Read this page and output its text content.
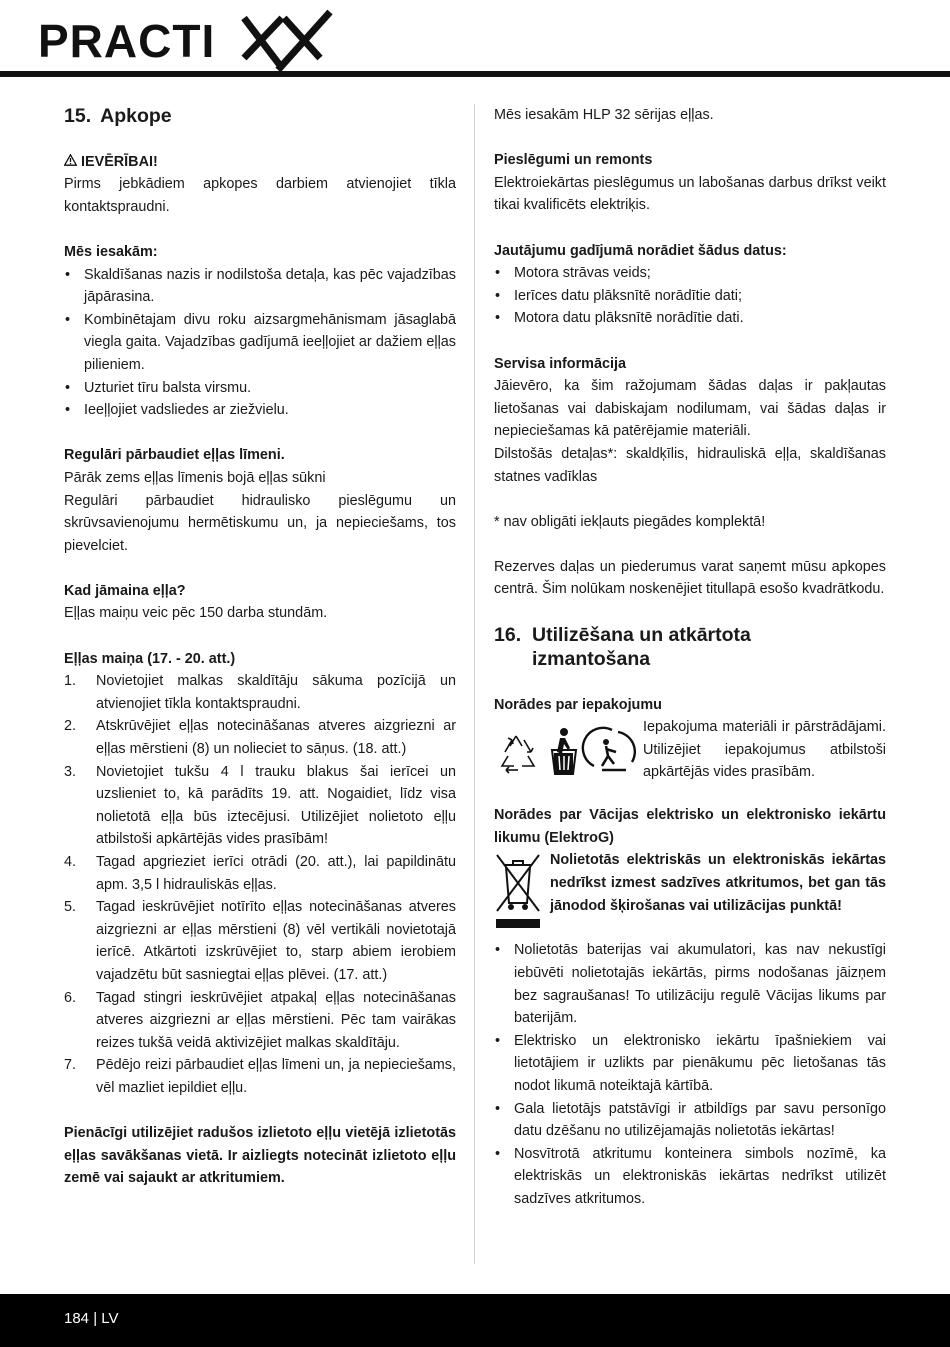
PRACTI
15. Apkope
IEVĒRĪBAI!

Pirms jebkādiem apkopes darbiem atvienojiet tīkla kontaktspraudni.

Mēs iesakām:
• Skaldīšanas nazis ir nodilstoša detaļa, kas pēc vajadzības jāpārasina.
• Kombinētajam divu roku aizsargmehānismam jāsaglabā viegla gaita. Vajadzības gadījumā ieeļļojiet ar dažiem eļļas pilieniem.
• Uzturiet tīru balsta virsmu.
• Ieeļļojiet vadsliedes ar ziežvielu.
Regulāri pārbaudiet eļļas līmeni.

Pārāk zems eļļas līmenis bojā eļļas sūkni

Regulāri pārbaudiet hidraulisko pieslēgumu un skrūvsavienojumu hermētiskumu un, ja nepieciešams, tos pievelciet.

Kad jāmaina eļļa?

Eļļas maiņu veic pēc 150 darba stundām.

Eļļas maiņa (17. - 20. att.)
1. Novietojiet malkas skaldītāju sākuma pozīcijā un atvienojiet tīkla kontaktspraudni.
2. Atskrūvējiet eļļas notecināšanas atveres aizgriezni ar eļļas mērstieni (8) un nolieciet to sāņus. (18. att.)
3. Novietojiet tukšu 4 l trauku blakus šai ierīcei un uzslieniet to, kā parādīts 19. att. Nogaidiet, līdz visa nolietotā eļļa būs iztecējusi. Utilizējiet nolietoto eļļu atbilstoši apkārtējās vides prasībām!
4. Tagad apgrieziet ierīci otrādi (20. att.), lai papildinātu apm. 3,5 l hidrauliskās eļļas.
5. Tagad ieskrūvējiet notīrīto eļļas notecināšanas atveres aizgriezni ar eļļas mērstieni (8) vēl vertikāli novietotajā ierīcē. Atkārtoti izskrūvējiet to, starp abiem ierobiem vajadzētu būt sasniegtai eļļas plēvei. (17. att.)
6. Tagad stingri ieskrūvējiet atpakaļ eļļas notecināšanas atveres aizgriezni ar eļļas mērstieni. Pēc tam vairākas reizes tukšā veidā aktivizējiet malkas skaldītāju.
7. Pēdējo reizi pārbaudiet eļļas līmeni un, ja nepieciešams, vēl mazliet iepildiet eļļu.

Pienācīgi utilizējiet radušos izlietoto eļļu vietējā izlietotās eļļas savākšanas vietā. Ir aizliegts notecināt izlietoto eļļu zemē vai sajaukt ar atkritumiem.

Mēs iesakām HLP 32 sērijas eļļas.

Pieslēgumi un remonts

Elektroiekārtas pieslēgumus un labošanas darbus drīkst veikt tikai kvalificēts elektriķis.

Jautājumu gadījumā norādiet šādus datus:
• Motora strāvas veids;
• Ierīces datu plāksnītē norādītie dati;
• Motora datu plāksnītē norādītie dati.
Servisa informācija

Jāievēro, ka šim ražojumam šādas daļas ir pakļautas lietošanas vai dabiskajam nodilumam, vai šādas daļas ir nepieciešamas kā patērējamie materiāli.

Dilstošās detaļas*: skaldķīlis, hidrauliskā eļļa, skaldīšanas statnes vadīklas

* nav obligāti iekļauts piegādes komplektā!

Rezerves daļas un piederumus varat saņemt mūsu apkopes centrā. Šim nolūkam noskenējiet titullapā esošo kvadrātkodu.

16. Utilizēšana un atkārtota
izmantošana
Norādes par iepakojumu

Iepakojuma materiāli ir pārstrādājami. Utilizējiet iepakojumus atbilstoši apkārtējās vides prasībām.

Norādes par Vācijas elektrisko un elektronisko iekārtu likumu (ElektroG)

Nolietotās elektriskās un elektroniskās iekārtas nedrīkst izmest sadzīves atkritumos, bet gan tās jānodod šķirošanas vai utilizācijas punktā!

• Nolietotās baterijas vai akumulatori, kas nav nekustīgi iebūvēti nolietotajās iekārtās, pirms nodošanas jāizņem bez sagraušanas! To utilizāciju regulē Vācijas likums par baterijām.
• Elektrisko un elektronisko iekārtu īpašniekiem vai lietotājiem ir uzlikts par pienākumu pēc lietošanas tās nodot likumā noteiktajā kārtībā.
• Gala lietotājs patstāvīgi ir atbildīgs par savu personīgo datu dzēšanu no utilizējamajās nolietotās iekārtas!
• Nosvītrotā atkritumu konteinera simbols nozīmē, ka elektriskās un elektroniskās iekārtas nedrīkst utilizēt sadzīves atkritumos.
184 | LV
